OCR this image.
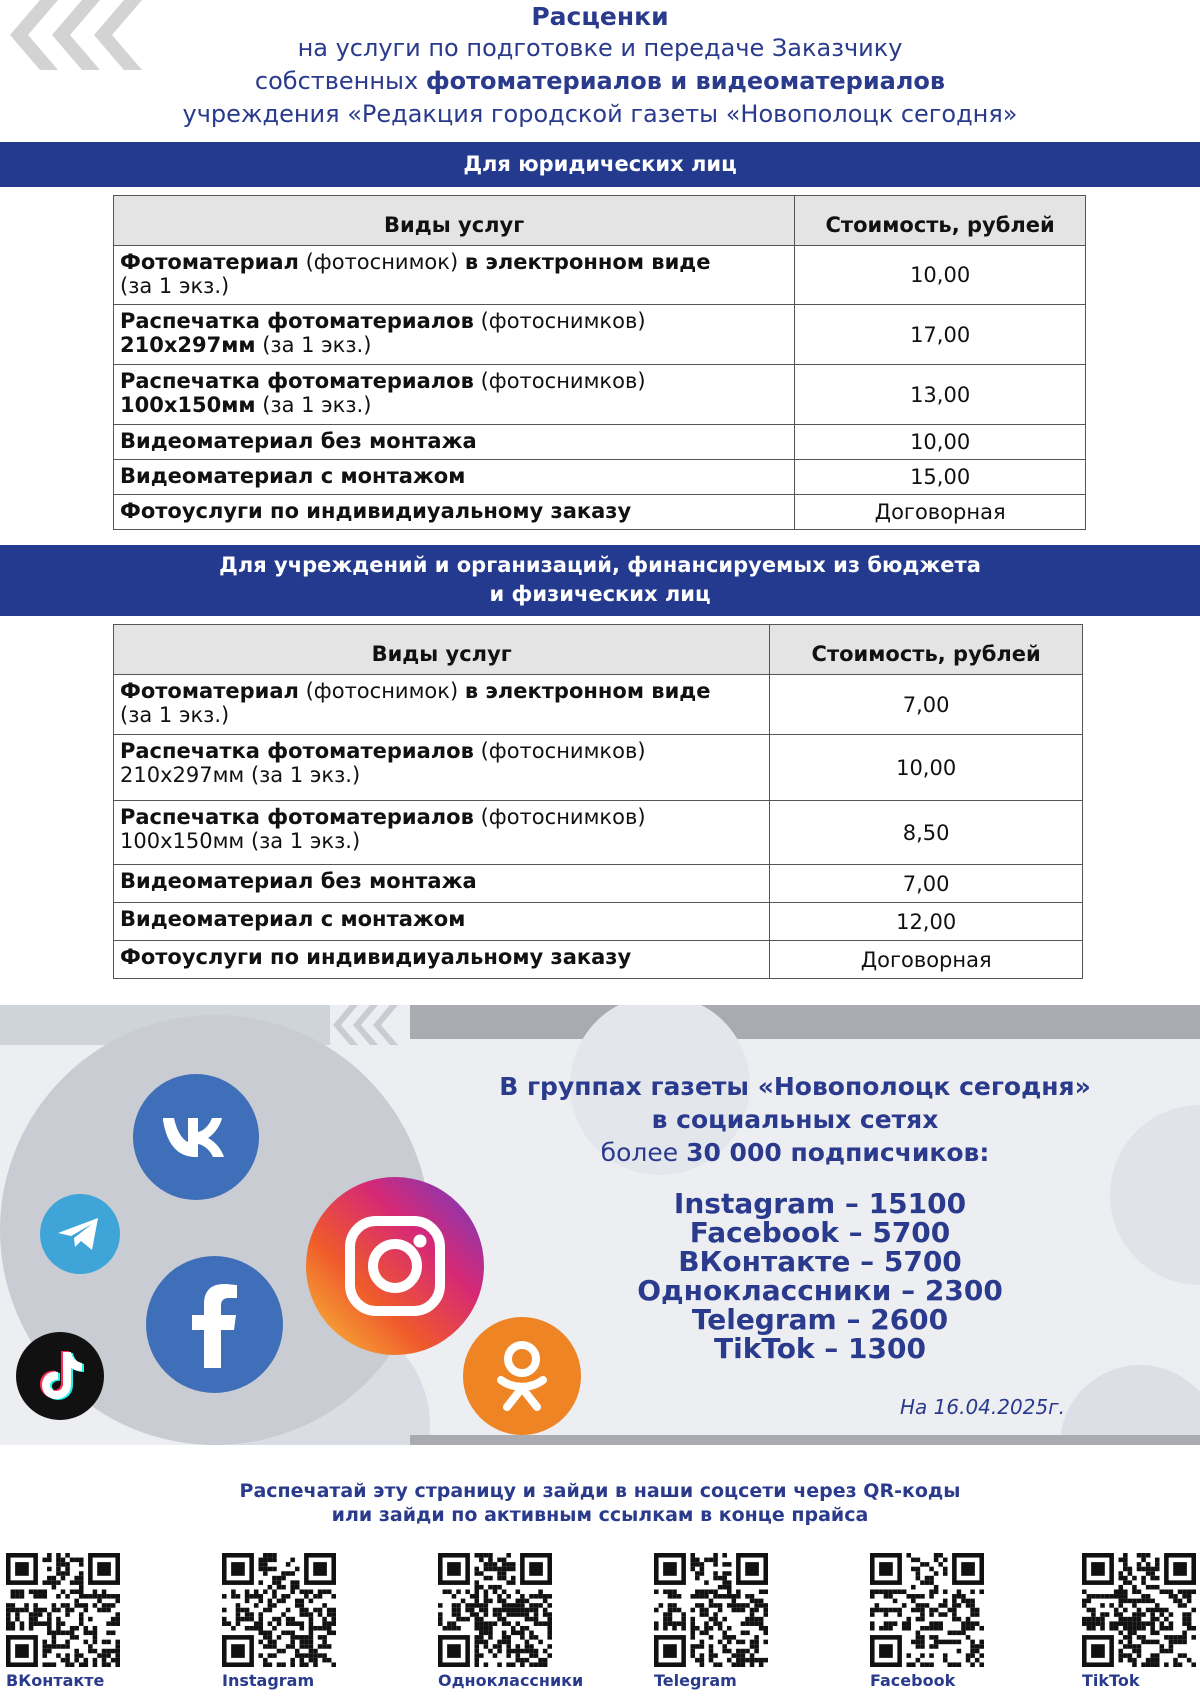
Расценки
на услуги по подготовке и передаче Заказчику
собственных фотоматериалов и видеоматериалов
учреждения «Редакция городской газеты «Новополоцк сегодня»
Для юридических лиц
Виды услуг	Стоимость, рублей

Фотоматериал (фотоснимок) в электронном виде
(за 1 экз.)	10,00

Распечатка фотоматериалов (фотоснимков)
210х297мм (за 1 экз.)	17,00

Распечатка фотоматериалов (фотоснимков)
100х150мм (за 1 экз.)	13,00

Видеоматериал без монтажа	10,00

Видеоматериал с монтажом	15,00

Фотоуслуги по индивидиуальному заказу	Договорная
Для учреждений и организаций, финансируемых из бюджета
и физических лиц
Виды услуг	Стоимость, рублей

Фотоматериал (фотоснимок) в электронном виде
(за 1 экз.)	7,00

Распечатка фотоматериалов (фотоснимков)
210х297мм (за 1 экз.)	10,00

Распечатка фотоматериалов (фотоснимков)
100х150мм (за 1 экз.)	8,50

Видеоматериал без монтажа	7,00

Видеоматериал с монтажом	12,00

Фотоуслуги по индивидиуальному заказу	Договорная
В группах газеты «Новополоцк сегодня»
в социальных сетях
более 30 000 подписчиков:
Instagram – 15100
Facebook – 5700
ВКонтакте – 5700
Одноклассники – 2300
Telegram – 2600
TikTok – 1300
На 16.04.2025г.
Распечатай эту страницу и зайди в наши соцсети через QR-коды
или зайди по активным ссылкам в конце прайса
ВКонтакте	Instagram	Одноклассники	Telegram	Facebook	TikTok
